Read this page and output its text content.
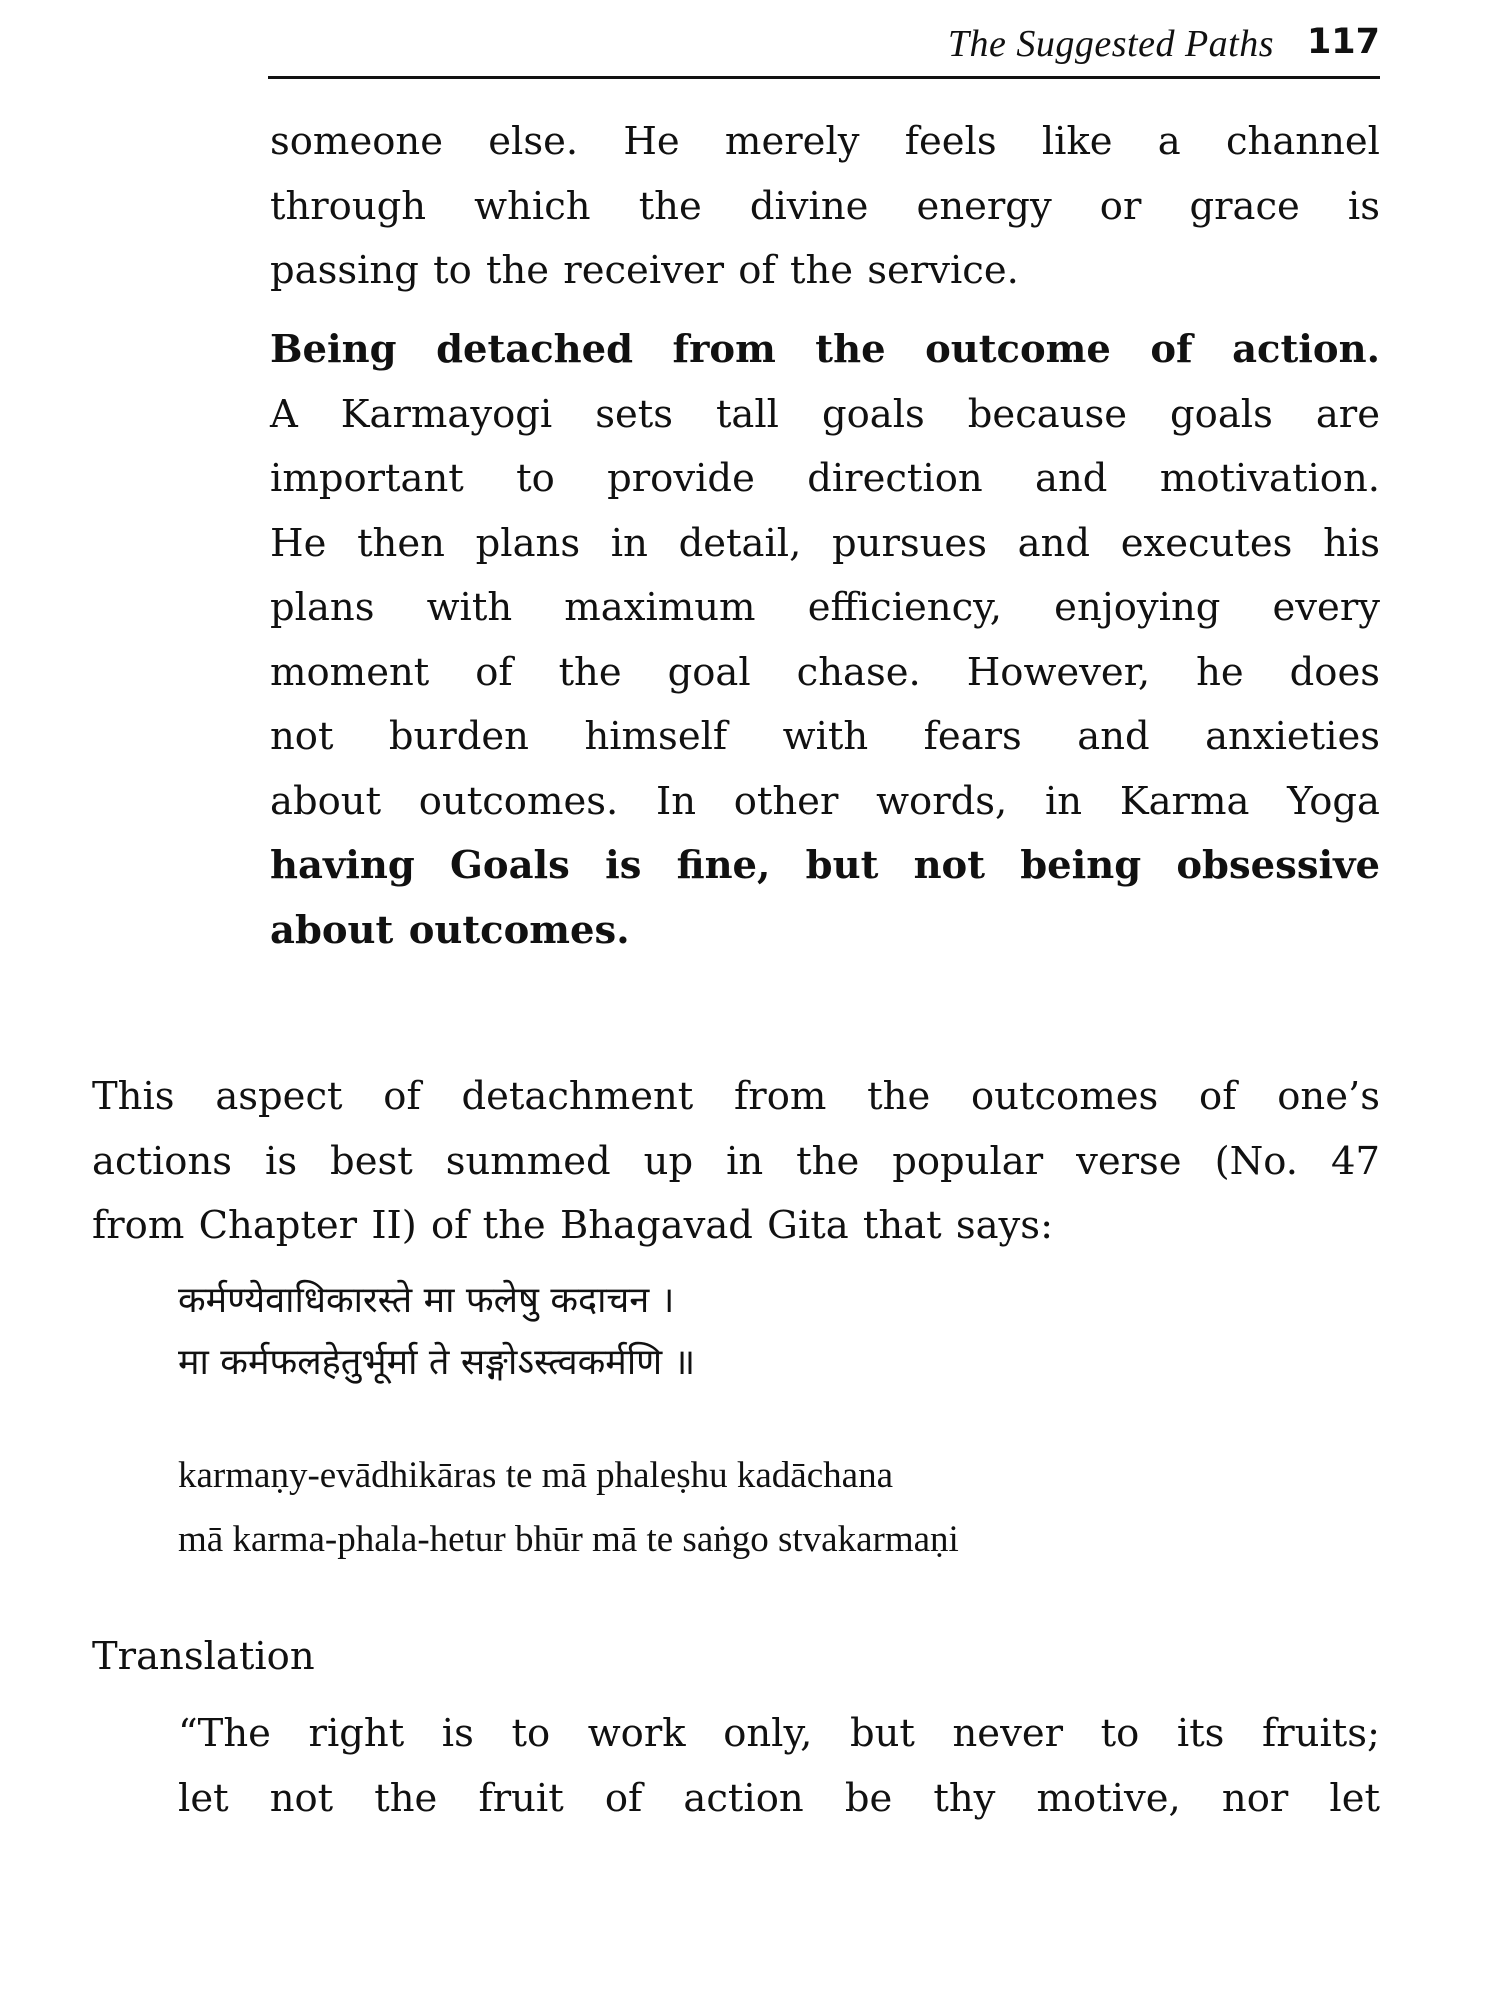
The Suggested Paths 117
someone else. He merely feels like a channel
through which the divine energy or grace is
passing to the receiver of the service.
Being detached from the outcome of action.
A Karmayogi sets tall goals because goals are
important to provide direction and motivation.
He then plans in detail, pursues and executes his
plans with maximum efficiency, enjoying every
moment of the goal chase. However, he does
not burden himself with fears and anxieties
about outcomes. In other words, in Karma Yoga
having Goals is fine, but not being obsessive
about outcomes.
This aspect of detachment from the outcomes of one’s
actions is best summed up in the popular verse (No. 47
from Chapter II) of the Bhagavad Gita that says:
कर्मण्येवाधिकारस्ते मा फलेषु कदाचन ।
मा कर्मफलहेतुर्भूर्मा ते सङ्गोऽस्त्वकर्मणि ॥
karmaṇy-evādhikāras te mā phaleṣhu kadāchana
mā karma-phala-hetur bhūr mā te saṅgo stvakarmaṇi
Translation
“The right is to work only, but never to its fruits;
let not the fruit of action be thy motive, nor let
